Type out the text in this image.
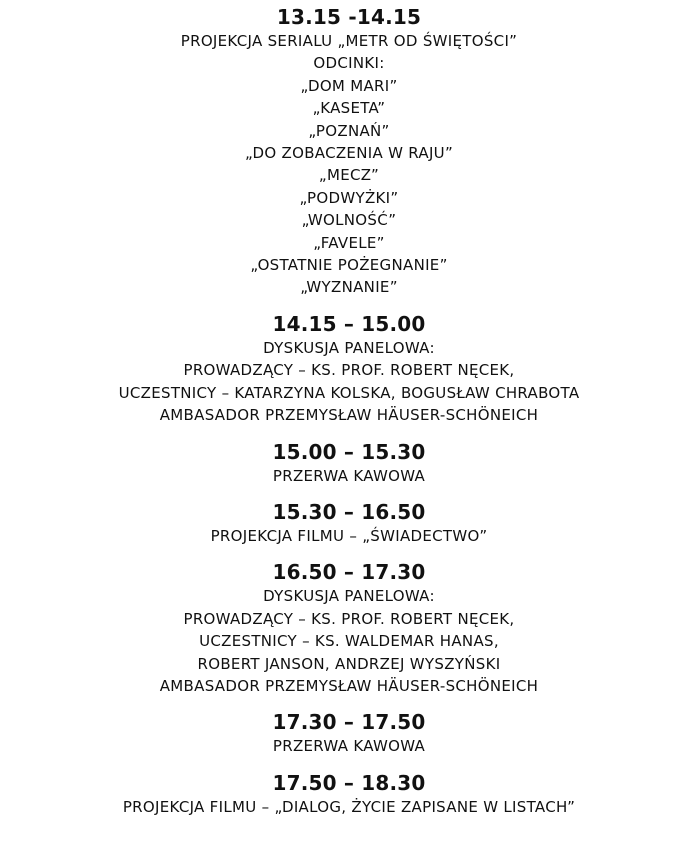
13.15 -14.15

PROJEKCJA SERIALU „METR OD ŚWIĘTOŚCI”

ODCINKI:

„DOM MARI”

„KASETA”

„POZNAŃ”

„DO ZOBACZENIA W RAJU”

„MECZ”

„PODWYŻKI”

„WOLNOŚĆ”

„FAVELE”

„OSTATNIE POŻEGNANIE”

„WYZNANIE”

14.15 – 15.00

DYSKUSJA PANELOWA:

PROWADZĄCY – KS. PROF. ROBERT NĘCEK,

UCZESTNICY – KATARZYNA KOLSKA, BOGUSŁAW CHRABOTA

AMBASADOR PRZEMYSŁAW HÄUSER-SCHÖNEICH

15.00 – 15.30

PRZERWA KAWOWA

15.30 – 16.50

PROJEKCJA FILMU – „ŚWIADECTWO”

16.50 – 17.30

DYSKUSJA PANELOWA:

PROWADZĄCY – KS. PROF. ROBERT NĘCEK,

UCZESTNICY – KS. WALDEMAR HANAS,

ROBERT JANSON, ANDRZEJ WYSZYŃSKI

AMBASADOR PRZEMYSŁAW HÄUSER-SCHÖNEICH

17.30 – 17.50

PRZERWA KAWOWA

17.50 – 18.30

PROJEKCJA FILMU – „DIALOG, ŻYCIE ZAPISANE W LISTACH”
